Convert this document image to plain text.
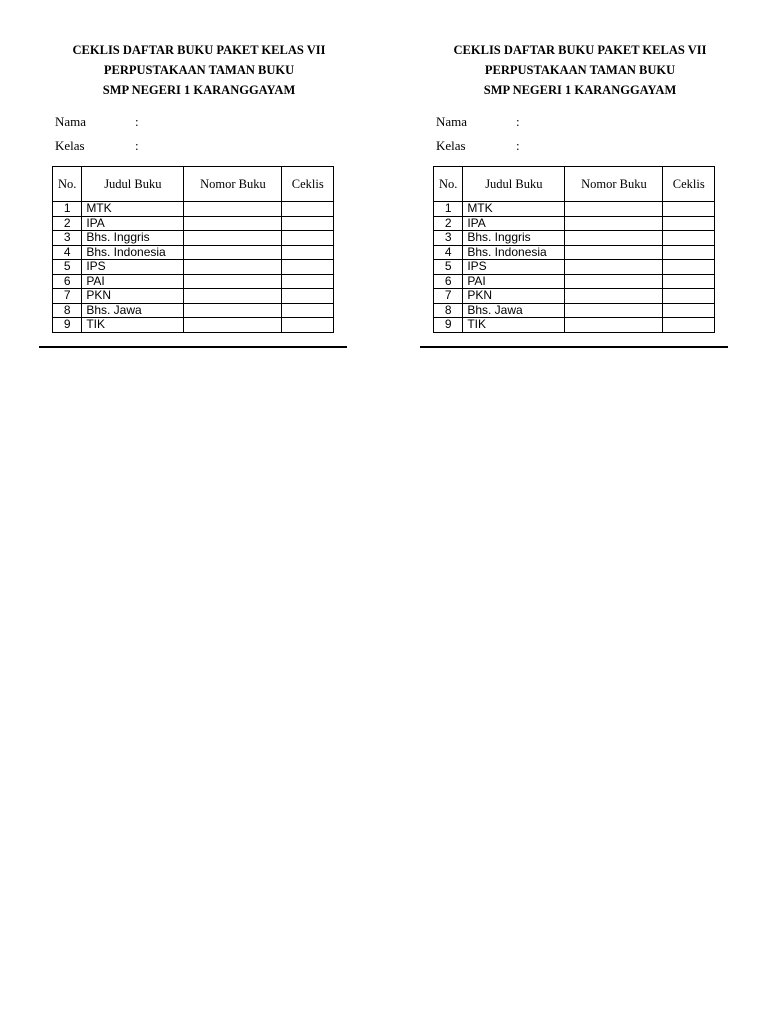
CEKLIS DAFTAR BUKU PAKET KELAS VII
PERPUSTAKAAN TAMAN BUKU
SMP NEGERI 1 KARANGGAYAM
Nama	:
Kelas	:
No.	Judul Buku	Nomor Buku	Ceklis
1	MTK		
2	IPA		
3	Bhs. Inggris		
4	Bhs. Indonesia		
5	IPS		
6	PAI		
7	PKN		
8	Bhs. Jawa		
9	TIK		
CEKLIS DAFTAR BUKU PAKET KELAS VII
PERPUSTAKAAN TAMAN BUKU
SMP NEGERI 1 KARANGGAYAM
Nama	:
Kelas	:
No.	Judul Buku	Nomor Buku	Ceklis
1	MTK		
2	IPA		
3	Bhs. Inggris		
4	Bhs. Indonesia		
5	IPS		
6	PAI		
7	PKN		
8	Bhs. Jawa		
9	TIK		
